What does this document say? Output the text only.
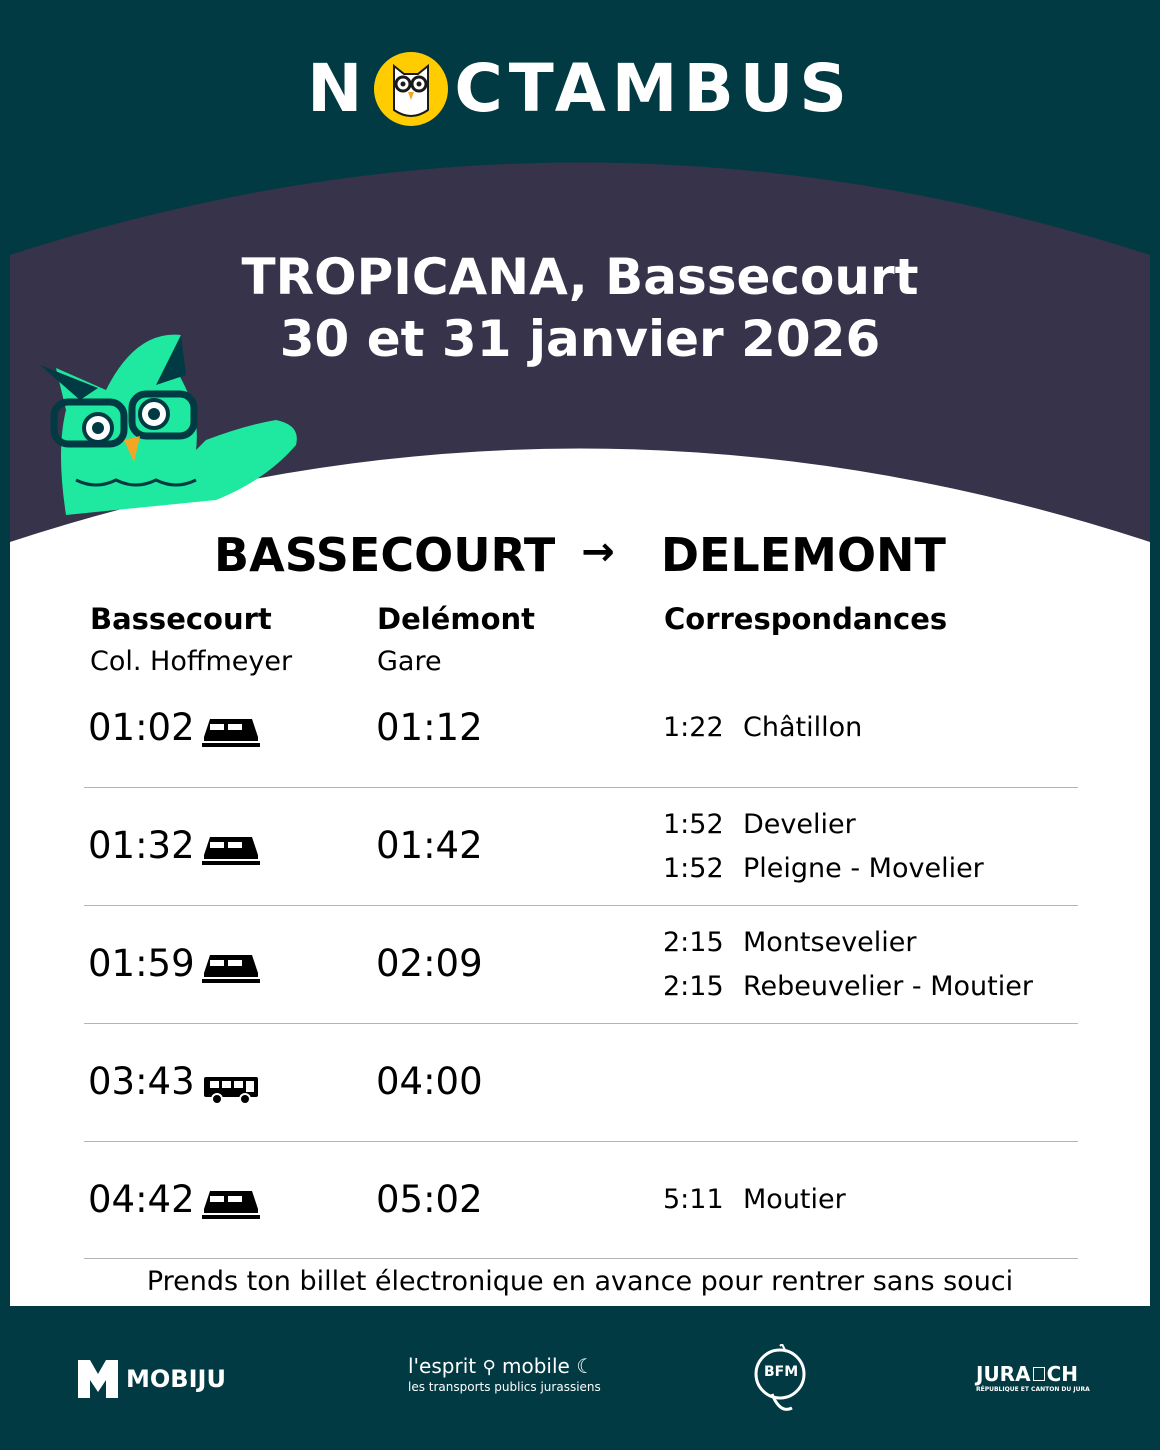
N CTAMBUS
TROPICANA, Bassecourt
30 et 31 janvier 2026
BASSECOURT → DELEMONT
Bassecourt
Col. Hoffmeyer
Delémont
Gare
Correspondances
01:02	01:12	1:22 Châtillon
01:32	01:42	1:52 Develier
1:52 Pleigne - Movelier
01:59	02:09	2:15 Montsevelier
2:15 Rebeuvelier - Moutier
03:43	04:00
04:42	05:02	5:11 Moutier
Prends ton billet électronique en avance pour rentrer sans souci
MOBIJU	l'esprit ⚲ mobile ☾
les transports publics jurassiens
BFM	JURA CH
RÉPUBLIQUE ET CANTON DU JURA
